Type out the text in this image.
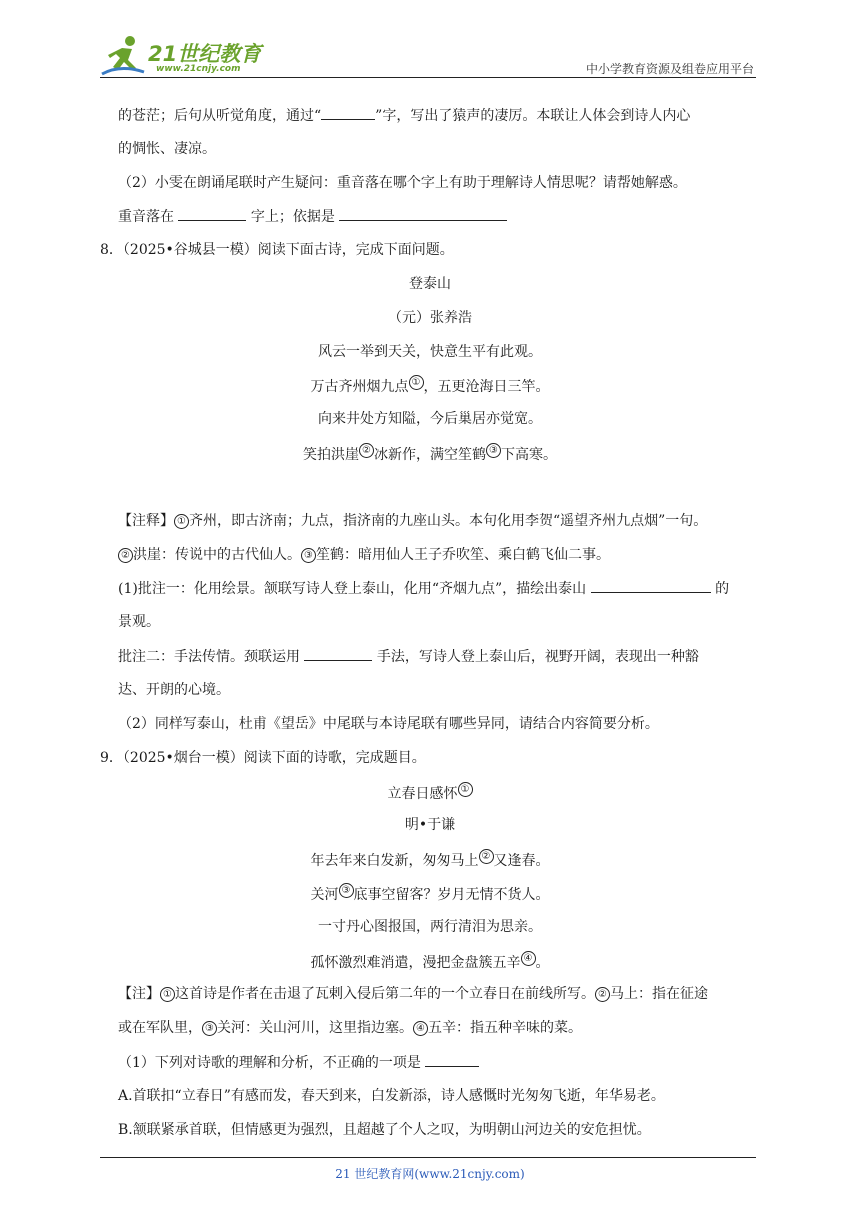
21世纪教育
www.21cnjy.com	中小学教育资源及组卷应用平台
的苍茫；后句从听觉角度，通过“	”字，写出了猿声的凄厉。本联让人体会到诗人内心
的惆怅、凄凉。
（2）小雯在朗诵尾联时产生疑问：重音落在哪个字上有助于理解诗人情思呢？请帮她解惑。
重音落在	字上；依据是
8．（2025•谷城县一模）阅读下面古诗，完成下面问题。
登泰山
（元）张养浩
风云一举到天关，快意生平有此观。
万古齐州烟九点 ① ，五更沧海日三竿。
向来井处方知隘，今后巢居亦觉宽。
笑拍洪崖 ② 冰新作，满空笙鹤 ③ 下高寒。
【注释】 ① 齐州，即古济南；九点，指济南的九座山头。本句化用李贺“遥望齐州九点烟”一句。
② 洪崖：传说中的古代仙人。 ③ 笙鹤：暗用仙人王子乔吹笙、乘白鹤飞仙二事。
(1)批注一：化用绘景。颔联写诗人登上泰山，化用“齐烟九点”，描绘出泰山	的
景观。
批注二：手法传情。颈联运用	手法，写诗人登上泰山后，视野开阔，表现出一种豁
达、开朗的心境。
（2）同样写泰山，杜甫《望岳》中尾联与本诗尾联有哪些异同，请结合内容简要分析。
9．（2025•烟台一模）阅读下面的诗歌，完成题目。
立春日感怀 ①
明•于谦
年去年来白发新，匆匆马上 ② 又逢春。
关河 ③ 底事空留客？岁月无情不货人。
一寸丹心图报国，两行清泪为思亲。
孤怀激烈难消遣，漫把金盘簇五辛 ④ 。
【注】 ① 这首诗是作者在击退了瓦剌入侵后第二年的一个立春日在前线所写。 ② 马上：指在征途
或在军队里， ③ 关河：关山河川，这里指边塞。 ④ 五辛：指五种辛味的菜。
（1）下列对诗歌的理解和分析，不正确的一项是
A.首联扣“立春日”有感而发，春天到来，白发新添，诗人感慨时光匆匆飞逝，年华易老。
B.颔联紧承首联，但情感更为强烈，且超越了个人之叹，为明朝山河边关的安危担忧。
21 世纪教育网(www.21cnjy.com)
